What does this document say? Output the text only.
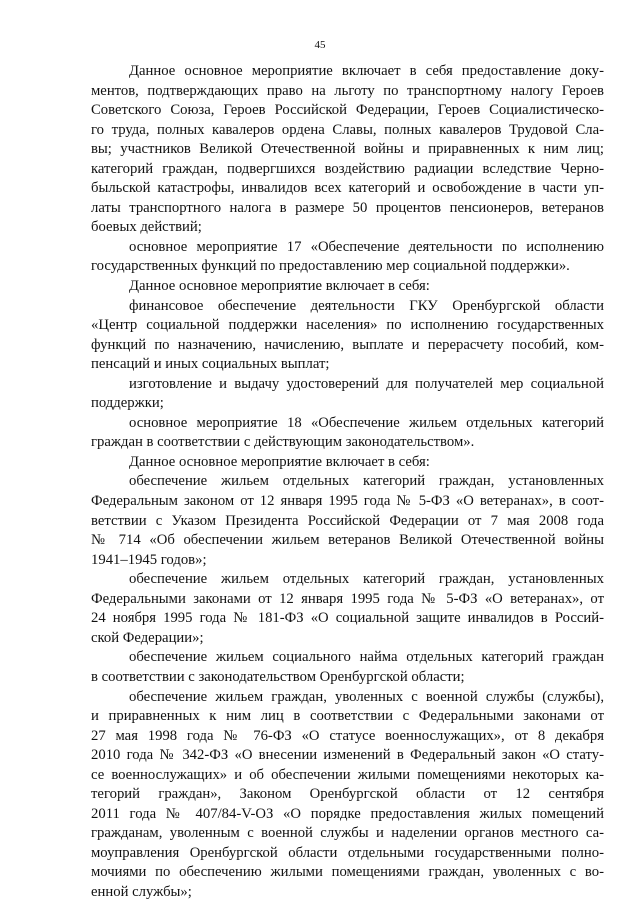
45
Данное основное мероприятие включает в себя предоставление доку-
ментов, подтверждающих право на льготу по транспортному налогу Героев
Советского Союза, Героев Российской Федерации, Героев Социалистическо-
го труда, полных кавалеров ордена Славы, полных кавалеров Трудовой Сла-
вы; участников Великой Отечественной войны и приравненных к ним лиц;
категорий граждан, подвергшихся воздействию радиации вследствие Черно-
быльской катастрофы, инвалидов всех категорий и освобождение в части уп-
латы транспортного налога в размере 50 процентов пенсионеров, ветеранов
боевых действий;
основное мероприятие 17 «Обеспечение деятельности по исполнению
государственных функций по предоставлению мер социальной поддержки».
Данное основное мероприятие включает в себя:
финансовое обеспечение деятельности ГКУ Оренбургской области
«Центр социальной поддержки населения» по исполнению государственных
функций по назначению, начислению, выплате и перерасчету пособий, ком-
пенсаций и иных социальных выплат;
изготовление и выдачу удостоверений для получателей мер социальной
поддержки;
основное мероприятие 18 «Обеспечение жильем отдельных категорий
граждан в соответствии с действующим законодательством».
Данное основное мероприятие включает в себя:
обеспечение жильем отдельных категорий граждан, установленных
Федеральным законом от 12 января 1995 года № 5-ФЗ «О ветеранах», в соот-
ветствии с Указом Президента Российской Федерации от 7 мая 2008 года
№ 714 «Об обеспечении жильем ветеранов Великой Отечественной войны
1941–1945 годов»;
обеспечение жильем отдельных категорий граждан, установленных
Федеральными законами от 12 января 1995 года № 5-ФЗ «О ветеранах», от
24 ноября 1995 года № 181-ФЗ «О социальной защите инвалидов в Россий-
ской Федерации»;
обеспечение жильем социального найма отдельных категорий граждан
в соответствии с законодательством Оренбургской области;
обеспечение жильем граждан, уволенных с военной службы (службы),
и приравненных к ним лиц в соответствии с Федеральными законами от
27 мая 1998 года № 76-ФЗ «О статусе военнослужащих», от 8 декабря
2010 года № 342-ФЗ «О внесении изменений в Федеральный закон «О стату-
се военнослужащих» и об обеспечении жилыми помещениями некоторых ка-
тегорий граждан», Законом Оренбургской области от 12 сентября
2011 года № 407/84-V-ОЗ «О порядке предоставления жилых помещений
гражданам, уволенным с военной службы и наделении органов местного са-
моуправления Оренбургской области отдельными государственными полно-
мочиями по обеспечению жилыми помещениями граждан, уволенных с во-
енной службы»;
